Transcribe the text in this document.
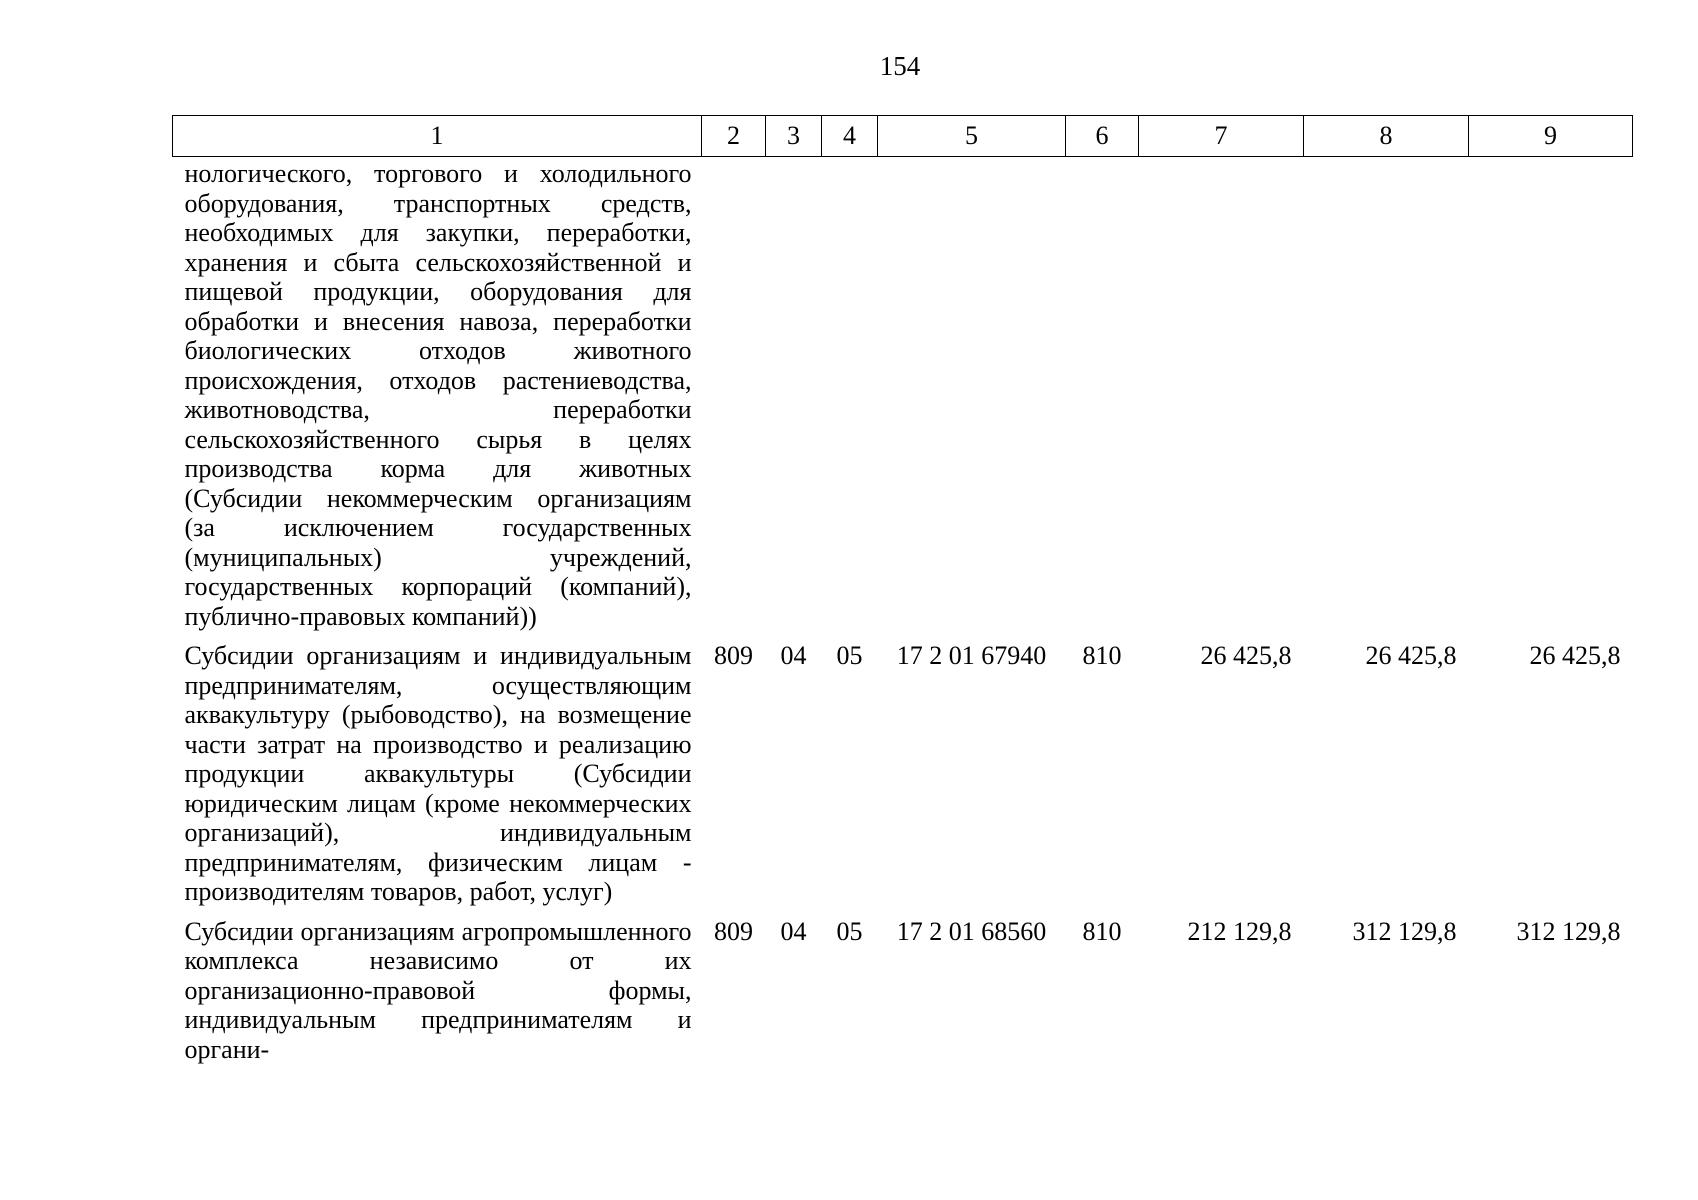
154
1	2	3	4	5	6	7	8	9
нологического, торгового и холодильного оборудования, транспортных средств, необходимых для закупки, переработки, хранения и сбыта сельскохозяйственной и пищевой продукции, оборудования для обработки и внесения навоза, переработки биологических отходов животного происхождения, отходов растениеводства, животноводства, переработки сельскохозяйственного сырья в целях производства корма для животных (Субсидии некоммерческим организациям (за исключением государственных (муниципальных) учреждений, государственных корпораций (компаний), публично-правовых компаний))								
Субсидии организациям и индивидуальным предпринимателям, осуществляющим аквакультуру (рыбоводство), на возмещение части затрат на производство и реализацию продукции аквакультуры (Субсидии юридическим лицам (кроме некоммерческих организаций), индивидуальным предпринимателям, физическим лицам - производителям товаров, работ, услуг)	809	04	05	17 2 01 67940	810	26 425,8	26 425,8	26 425,8
Субсидии организациям агропромышленного комплекса независимо от их организационно-правовой формы, индивидуальным предпринимателям и органи-	809	04	05	17 2 01 68560	810	212 129,8	312 129,8	312 129,8
